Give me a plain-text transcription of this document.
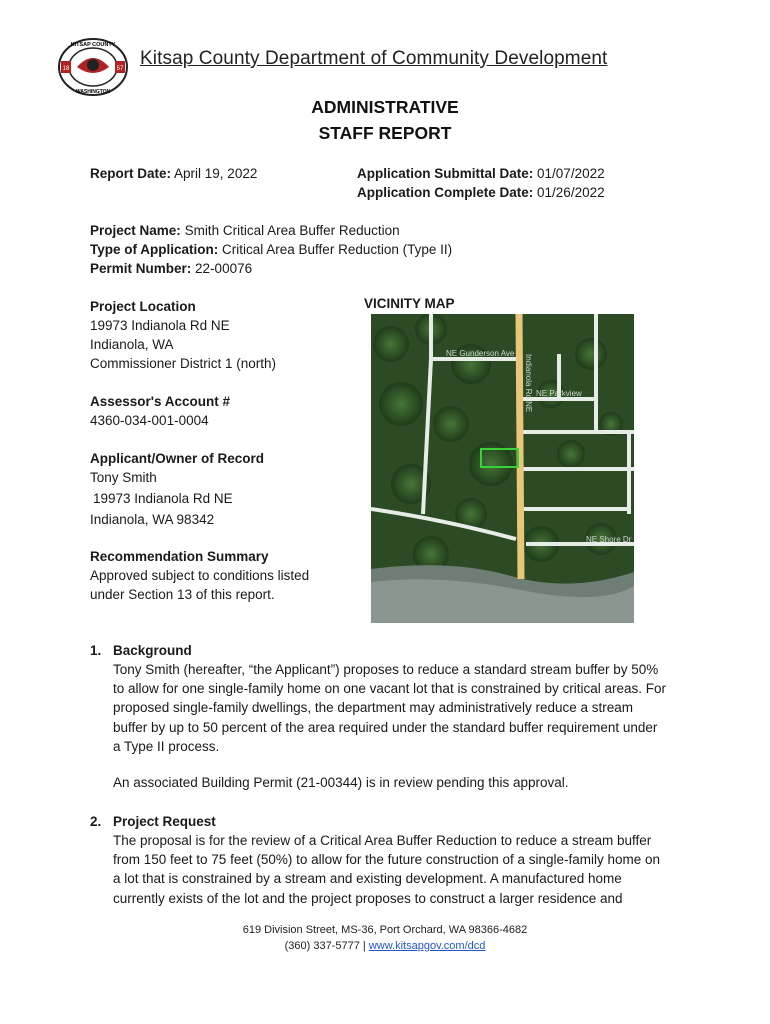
18	57
KITSAP COUNTY
WASHINGTON
Kitsap County Department of Community Development
ADMINISTRATIVE
STAFF REPORT
Report Date: April 19, 2022	Application Submittal Date: 01/07/2022
Application Complete Date: 01/26/2022
Project Name: Smith Critical Area Buffer Reduction
Type of Application: Critical Area Buffer Reduction (Type II)
Permit Number: 22-00076
Project Location
19973 Indianola Rd NE
Indianola, WA
Commissioner District 1 (north)
Assessor's Account #
4360-034-001-0004
Applicant/Owner of Record
Tony Smith
19973 Indianola Rd NE
Indianola, WA 98342
Recommendation Summary
Approved subject to conditions listed
under Section 13 of this report.
VICINITY MAP
NE Gunderson Ave
Indianola Rd NE NE Parkview
NE Shore Dr
1. Background
Tony Smith (hereafter, “the Applicant”) proposes to reduce a standard stream buffer by 50%
to allow for one single-family home on one vacant lot that is constrained by critical areas. For
proposed single-family dwellings, the department may administratively reduce a stream
buffer by up to 50 percent of the area required under the standard buffer requirement under
a Type II process.
An associated Building Permit (21-00344) is in review pending this approval.
2. Project Request
The proposal is for the review of a Critical Area Buffer Reduction to reduce a stream buffer
from 150 feet to 75 feet (50%) to allow for the future construction of a single-family home on
a lot that is constrained by a stream and existing development. A manufactured home
currently exists of the lot and the project proposes to construct a larger residence and
619 Division Street, MS-36, Port Orchard, WA 98366-4682
(360) 337-5777 | www.kitsapgov.com/dcd
